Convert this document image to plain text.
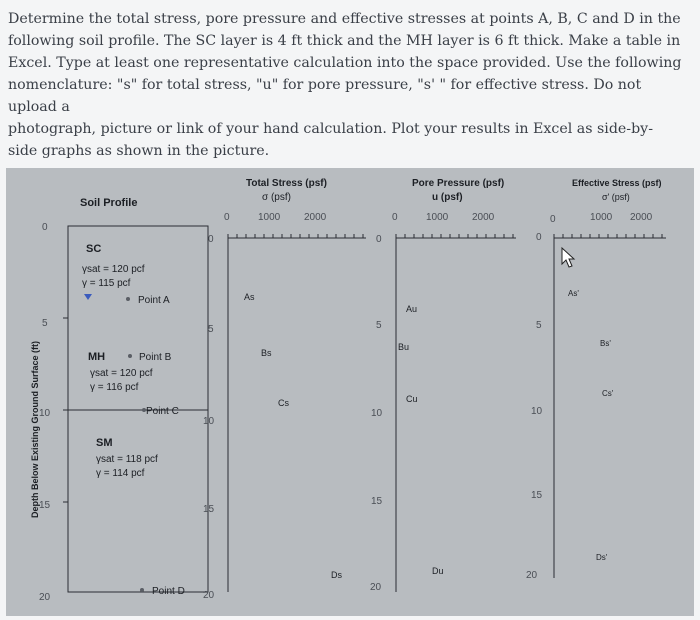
Determine the total stress, pore pressure and effective stresses at points A, B, C and D in the

following soil profile. The SC layer is 4 ft thick and the MH layer is 6 ft thick. Make a table in

Excel. Type at least one representative calculation into the space provided. Use the following

nomenclature: "s" for total stress, "u" for pore pressure, "s' " for effective stress. Do not upload a

photograph, picture or link of your hand calculation. Plot your results in Excel as side-by-

side graphs as shown in the picture.

Soil Profile
Depth Below Existing Ground Surface (ft)
0
5
10
15
20
SC
γsat = 120 pcf
γ = 115 pcf
Point A
MH	Point B
γsat = 120 pcf
γ = 116 pcf
Point C
SM
γsat = 118 pcf
γ = 114 pcf
Point D
Total Stress (psf)
σ (psf)
0	1000 2000
0
5
10
15
20
As
Bs
Cs
Ds
Pore Pressure (psf)
u (psf)
0	1000 2000
0
5
10
15
20
Au
Bu
Cu
Du
Effective Stress (psf)
σ' (psf)
0	1000 2000
0
5
10
15
20
As'
Bs'
Cs'
Ds'
